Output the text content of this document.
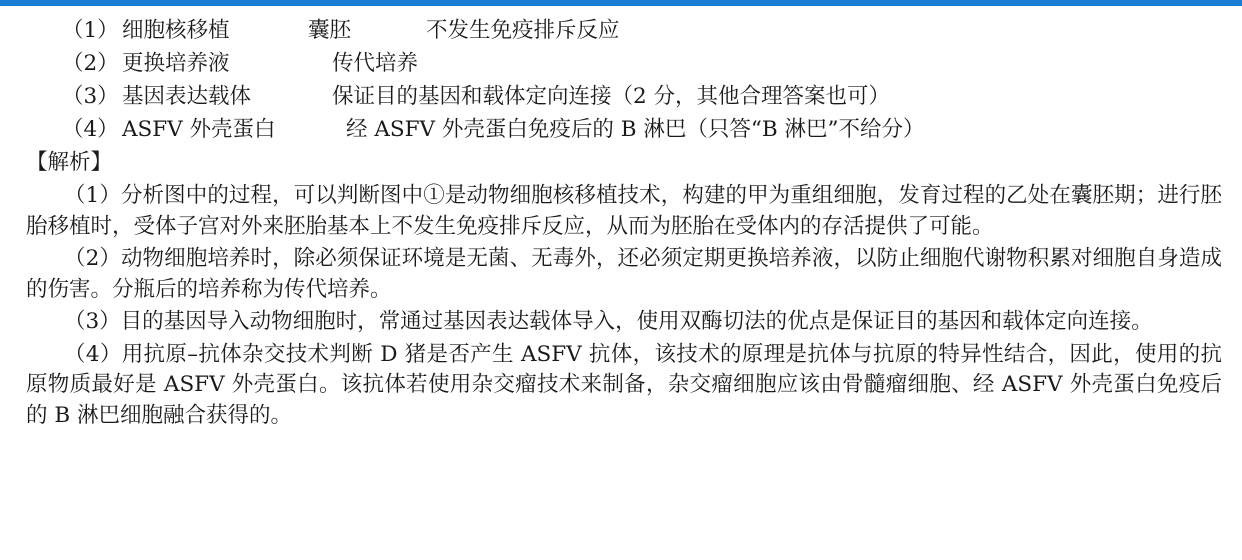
（1） 细胞核移植	囊胚	不发生免疫排斥反应
（2） 更换培养液	传代培养
（3） 基因表达载体	保证目的基因和载体定向连接（2 分，其他合理答案也可）
（4） ASFV 外壳蛋白	经 ASFV 外壳蛋白免疫后的 B 淋巴（只答“B 淋巴”不给分）
【解析】

（1）分析图中的过程，可以判断图中①是动物细胞核移植技术，构建的甲为重组细胞，发育过程的乙处在囊胚期；进行胚胎移植时，受体子宫对外来胚胎基本上不发生免疫排斥反应，从而为胚胎在受体内的存活提供了可能。

（2）动物细胞培养时，除必须保证环境是无菌、无毒外，还必须定期更换培养液，以防止细胞代谢物积累对细胞自身造成的伤害。分瓶后的培养称为传代培养。

（3）目的基因导入动物细胞时，常通过基因表达载体导入，使用双酶切法的优点是保证目的基因和载体定向连接。

（4）用抗原–抗体杂交技术判断 D 猪是否产生 ASFV 抗体，该技术的原理是抗体与抗原的特异性结合，因此，使用的抗原物质最好是 ASFV 外壳蛋白。该抗体若使用杂交瘤技术来制备，杂交瘤细胞应该由骨髓瘤细胞、经 ASFV 外壳蛋白免疫后的 B 淋巴细胞融合获得的。
